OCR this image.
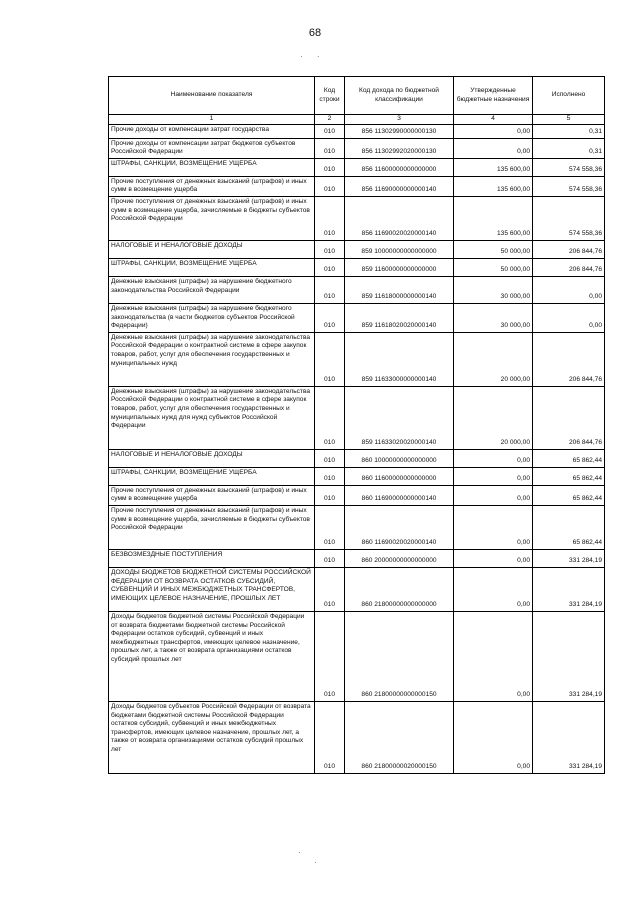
68
· ·
·
·
Наименование показателя	Код строки	Код дохода по бюджетной классификации	Утвержденные бюджетные назначения	Исполнено
1	2	3	4	5
Прочие доходы от компенсации затрат государства	010	856 11302990000000130	0,00	0,31
Прочие доходы от компенсации затрат бюджетов субъектов Российской Федерации	010	856 11302992020000130	0,00	0,31
ШТРАФЫ, САНКЦИИ, ВОЗМЕЩЕНИЕ УЩЕРБА	010	856 11600000000000000	135 600,00	574 558,36
Прочие поступления от денежных взысканий (штрафов) и иных сумм в возмещение ущерба	010	856 11690000000000140	135 600,00	574 558,36
Прочие поступления от денежных взысканий (штрафов) и иных сумм в возмещение ущерба, зачисляемые в бюджеты субъектов Российской Федерации	010	856 11690020020000140	135 600,00	574 558,36
НАЛОГОВЫЕ И НЕНАЛОГОВЫЕ ДОХОДЫ	010	859 10000000000000000	50 000,00	206 844,76
ШТРАФЫ, САНКЦИИ, ВОЗМЕЩЕНИЕ УЩЕРБА	010	859 11600000000000000	50 000,00	206 844,76
Денежные взыскания (штрафы) за нарушение бюджетного законодательства Российской Федерации	010	859 11618000000000140	30 000,00	0,00
Денежные взыскания (штрафы) за нарушение бюджетного законодательства (в части бюджетов субъектов Российской Федерации)	010	859 11618020020000140	30 000,00	0,00
Денежные взыскания (штрафы) за нарушение законодательства Российской Федерации о контрактной системе в сфере закупок товаров, работ, услуг для обеспечения государственных и муниципальных нужд	010	859 11633000000000140	20 000,00	206 844,76
Денежные взыскания (штрафы) за нарушение законодательства Российской Федерации о контрактной системе в сфере закупок товаров, работ, услуг для обеспечения государственных и муниципальных нужд для нужд субъектов Российской Федерации	010	859 11633020020000140	20 000,00	206 844,76
НАЛОГОВЫЕ И НЕНАЛОГОВЫЕ ДОХОДЫ	010	860 10000000000000000	0,00	65 862,44
ШТРАФЫ, САНКЦИИ, ВОЗМЕЩЕНИЕ УЩЕРБА	010	860 11600000000000000	0,00	65 862,44
Прочие поступления от денежных взысканий (штрафов) и иных сумм в возмещение ущерба	010	860 11690000000000140	0,00	65 862,44
Прочие поступления от денежных взысканий (штрафов) и иных сумм в возмещение ущерба, зачисляемые в бюджеты субъектов Российской Федерации	010	860 11690020020000140	0,00	65 862,44
БЕЗВОЗМЕЗДНЫЕ ПОСТУПЛЕНИЯ	010	860 20000000000000000	0,00	331 284,19
ДОХОДЫ БЮДЖЕТОВ БЮДЖЕТНОЙ СИСТЕМЫ РОССИЙСКОЙ ФЕДЕРАЦИИ ОТ ВОЗВРАТА ОСТАТКОВ СУБСИДИЙ, СУБВЕНЦИЙ И ИНЫХ МЕЖБЮДЖЕТНЫХ ТРАНСФЕРТОВ, ИМЕЮЩИХ ЦЕЛЕВОЕ НАЗНАЧЕНИЕ, ПРОШЛЫХ ЛЕТ	010	860 21800000000000000	0,00	331 284,19
Доходы бюджетов бюджетной системы Российской Федерации от возврата бюджетами бюджетной системы Российской Федерации остатков субсидий, субвенций и иных межбюджетных трансфертов, имеющих целевое назначение, прошлых лет, а также от возврата организациями остатков субсидий прошлых лет	010	860 21800000000000150	0,00	331 284,19
Доходы бюджетов субъектов Российской Федерации от возврата бюджетами бюджетной системы Российской Федерации остатков субсидий, субвенций и иных межбюджетных трансфертов, имеющих целевое назначение, прошлых лет, а также от возврата организациями остатков субсидий прошлых лет	010	860 21800000020000150	0,00	331 284,19
